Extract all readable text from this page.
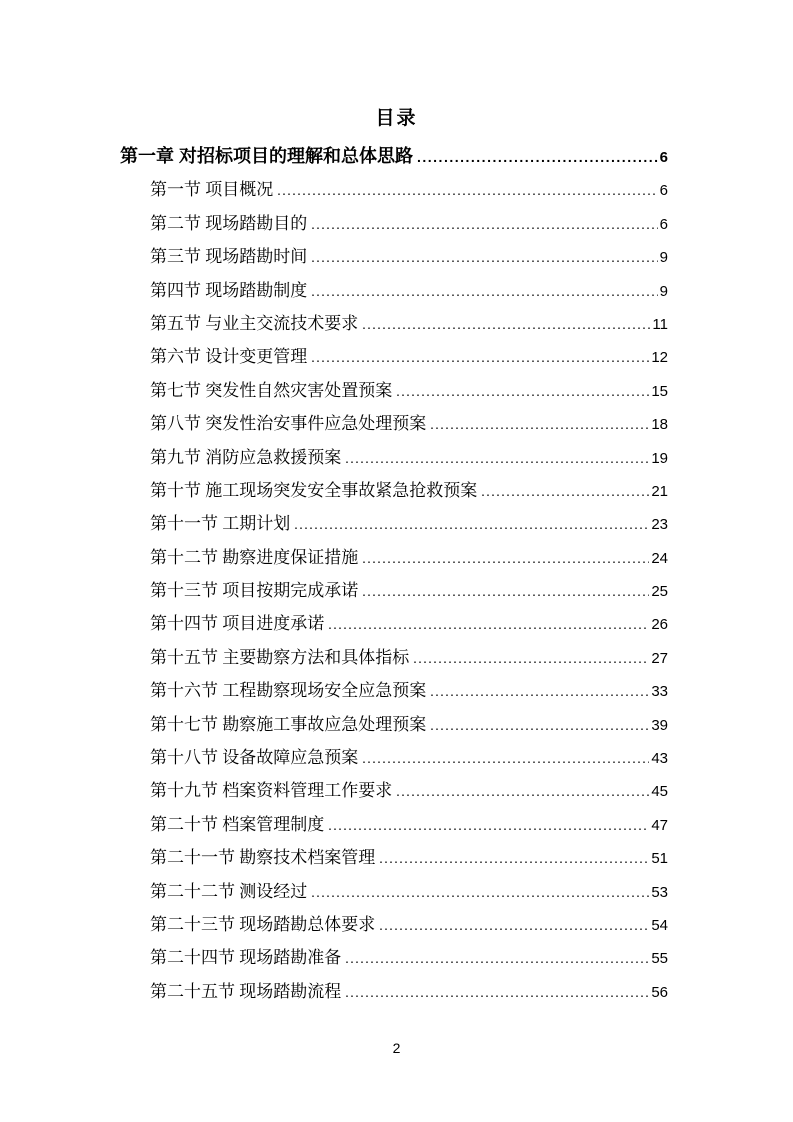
目录
第一章 对招标项目的理解和总体思路 .....	6
第一节 项目概况 .....	6
第二节 现场踏勘目的 .....	6
第三节 现场踏勘时间 .....	9
第四节 现场踏勘制度 .....	9
第五节 与业主交流技术要求 .....	11
第六节 设计变更管理 .....	12
第七节 突发性自然灾害处置预案 .....	15
第八节 突发性治安事件应急处理预案 .....	18
第九节 消防应急救援预案 .....	19
第十节 施工现场突发安全事故紧急抢救预案 .....	21
第十一节 工期计划 .....	23
第十二节 勘察进度保证措施 .....	24
第十三节 项目按期完成承诺 .....	25
第十四节 项目进度承诺 .....	26
第十五节 主要勘察方法和具体指标 .....	27
第十六节 工程勘察现场安全应急预案 .....	33
第十七节 勘察施工事故应急处理预案 .....	39
第十八节 设备故障应急预案 .....	43
第十九节 档案资料管理工作要求 .....	45
第二十节 档案管理制度 .....	47
第二十一节 勘察技术档案管理 .....	51
第二十二节 测设经过 .....	53
第二十三节 现场踏勘总体要求 .....	54
第二十四节 现场踏勘准备 .....	55
第二十五节 现场踏勘流程 .....	56
2
